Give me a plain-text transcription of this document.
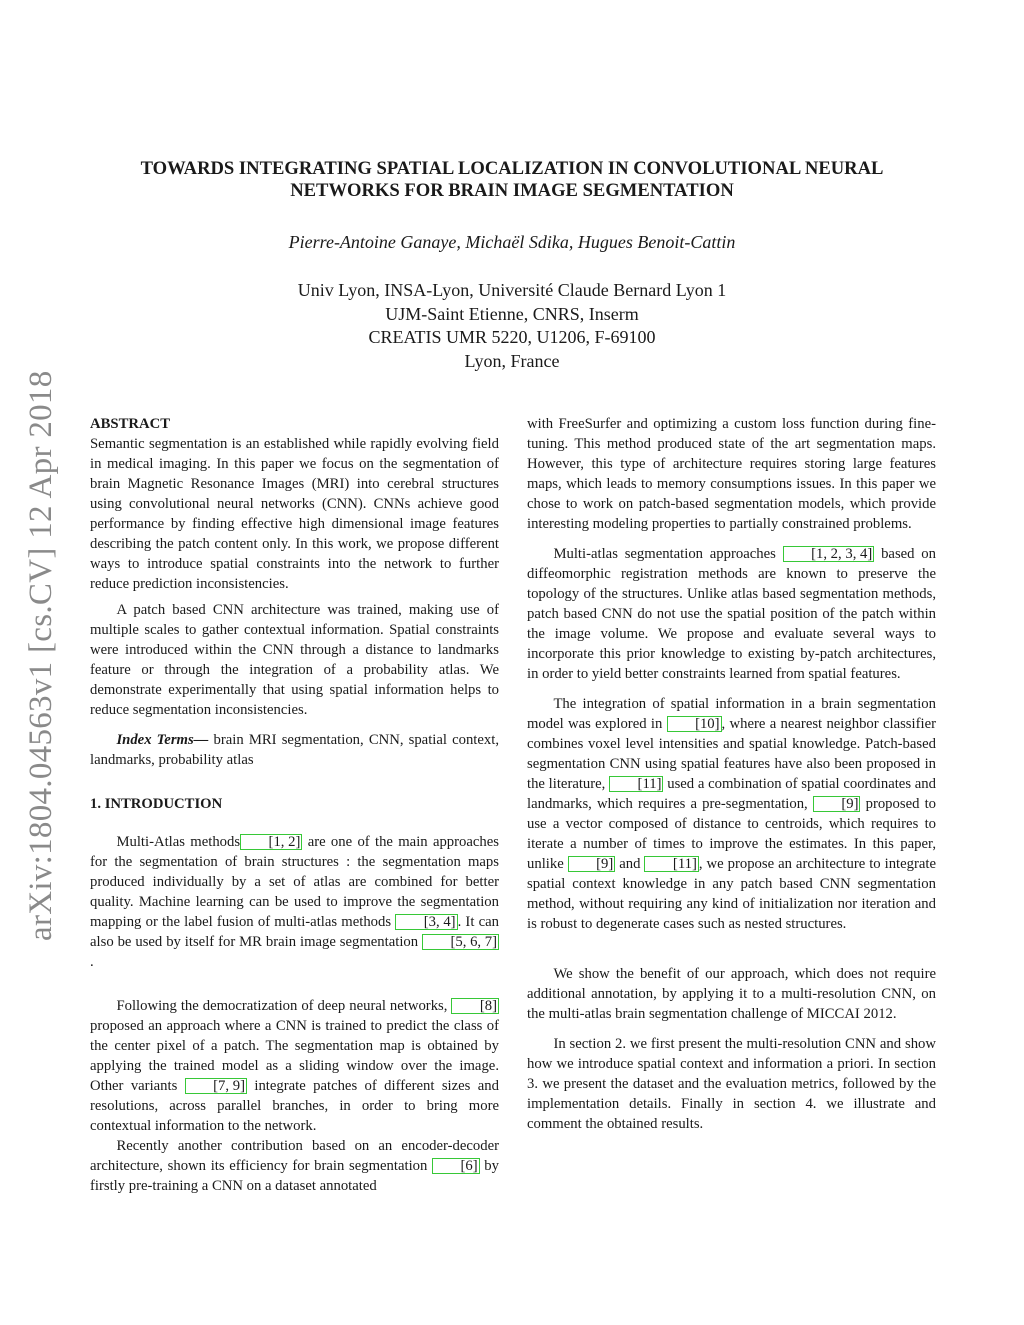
arXiv:1804.04563v1 [cs.CV] 12 Apr 2018
TOWARDS INTEGRATING SPATIAL LOCALIZATION IN CONVOLUTIONAL NEURAL
NETWORKS FOR BRAIN IMAGE SEGMENTATION
Pierre-Antoine Ganaye, Michaël Sdika, Hugues Benoit-Cattin
Univ Lyon, INSA-Lyon, Université Claude Bernard Lyon 1
UJM-Saint Etienne, CNRS, Inserm
CREATIS UMR 5220, U1206, F-69100
Lyon, France

ABSTRACT

Semantic segmentation is an established while rapidly evolving field in medical imaging. In this paper we focus on the segmentation of brain Magnetic Resonance Images (MRI) into cerebral structures using convolutional neural networks (CNN). CNNs achieve good performance by finding effective high dimensional image features describing the patch content only. In this work, we propose different ways to introduce spatial constraints into the network to further reduce prediction inconsistencies.

A patch based CNN architecture was trained, making use of multiple scales to gather contextual information. Spatial constraints were introduced within the CNN through a distance to landmarks feature or through the integration of a probability atlas. We demonstrate experimentally that using spatial information helps to reduce segmentation inconsistencies.

Index Terms— brain MRI segmentation, CNN, spatial context, landmarks, probability atlas

1. INTRODUCTION

Multi-Atlas methods [1, 2] are one of the main approaches for the segmentation of brain structures : the segmentation maps produced individually by a set of atlas are combined for better quality. Machine learning can be used to improve the segmentation mapping or the label fusion of multi-atlas methods [3, 4] . It can also be used by itself for MR brain image segmentation [5, 6, 7].

Following the democratization of deep neural networks, [8] proposed an approach where a CNN is trained to predict the class of the center pixel of a patch. The segmentation map is obtained by applying the trained model as a sliding window over the image. Other variants [7, 9] integrate patches of different sizes and resolutions, across parallel branches, in order to bring more contextual information to the network.

Recently another contribution based on an encoder-decoder architecture, shown its efficiency for brain segmentation [6] by firstly pre-training a CNN on a dataset annotated

with FreeSurfer and optimizing a custom loss function during fine-tuning. This method produced state of the art segmentation maps. However, this type of architecture requires storing large features maps, which leads to memory consumptions issues. In this paper we chose to work on patch-based segmentation models, which provide interesting modeling properties to partially constrained problems.

Multi-atlas segmentation approaches [1, 2, 3, 4] based on diffeomorphic registration methods are known to preserve the topology of the structures. Unlike atlas based segmentation methods, patch based CNN do not use the spatial position of the patch within the image volume. We propose and evaluate several ways to incorporate this prior knowledge to existing by-patch architectures, in order to yield better constraints learned from spatial features.

The integration of spatial information in a brain segmentation model was explored in [10] , where a nearest neighbor classifier combines voxel level intensities and spatial knowledge. Patch-based segmentation CNN using spatial features have also been proposed in the literature, [11] used a combination of spatial coordinates and landmarks, which requires a pre-segmentation, [9] proposed to use a vector composed of distance to centroids, which requires to iterate a number of times to improve the estimates. In this paper, unlike [9] and [11] , we propose an architecture to integrate spatial context knowledge in any patch based CNN segmentation method, without requiring any kind of initialization nor iteration and is robust to degenerate cases such as nested structures.

We show the benefit of our approach, which does not require additional annotation, by applying it to a multi-resolution CNN, on the multi-atlas brain segmentation challenge of MICCAI 2012.

In section 2. we first present the multi-resolution CNN and show how we introduce spatial context and information a priori. In section 3. we present the dataset and the evaluation metrics, followed by the implementation details. Finally in section 4. we illustrate and comment the obtained results.
